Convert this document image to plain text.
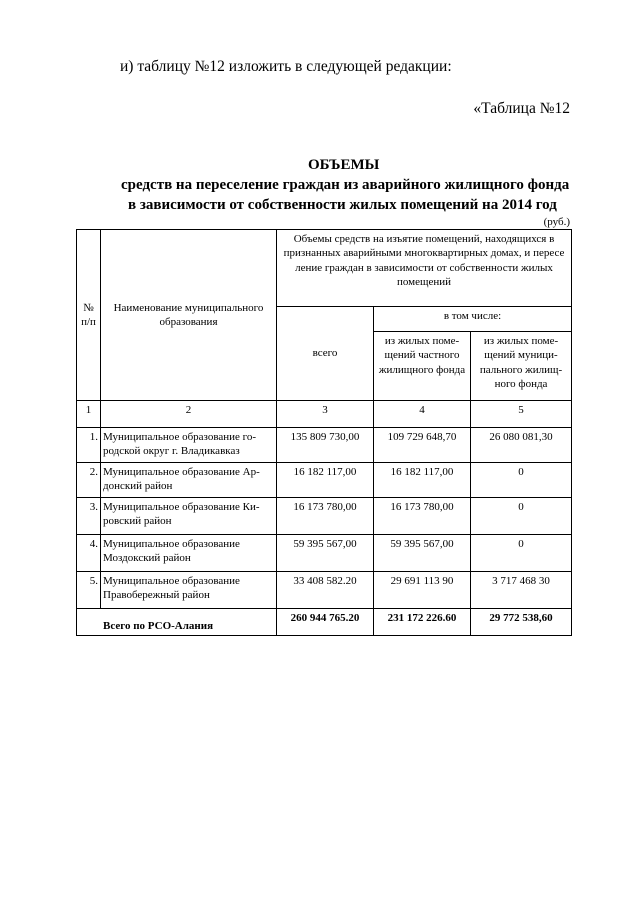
и) таблицу №12 изложить в следующей редакции:
«Таблица №12
ОБЪЕМЫ
средств на переселение граждан из аварийного жилищного фонда
в зависимости от собственности жилых помещений на 2014 год
(руб.)
№ п/п	Наименование муниципального образования	Объемы средств на изъятие помещений, находящихся в признанных аварийными многоквартирных домах, и пересе ление граждан в зависимости от собственности жилых помещений		
		всего	в том числе:	
			из жилых поме- щений частного жилищного фонда	из жилых поме- щений муници- пального жилищ- ного фонда
1	2	3	4	5
1.	Муниципальное образование го- родской округ г. Владикавказ	135 809 730,00	109 729 648,70	26 080 081,30
2.	Муниципальное образование Ар- донский район	16 182 117,00	16 182 117,00	0
3.	Муниципальное образование Ки- ровский район	16 173 780,00	16 173 780,00	0
4.	Муниципальное образование Моздокский район	59 395 567,00	59 395 567,00	0
5.	Муниципальное образование Правобережный район	33 408 582.20	29 691 113 90	3 717 468 30
Всего по РСО-Алания		260 944 765.20	231 172 226.60	29 772 538,60
